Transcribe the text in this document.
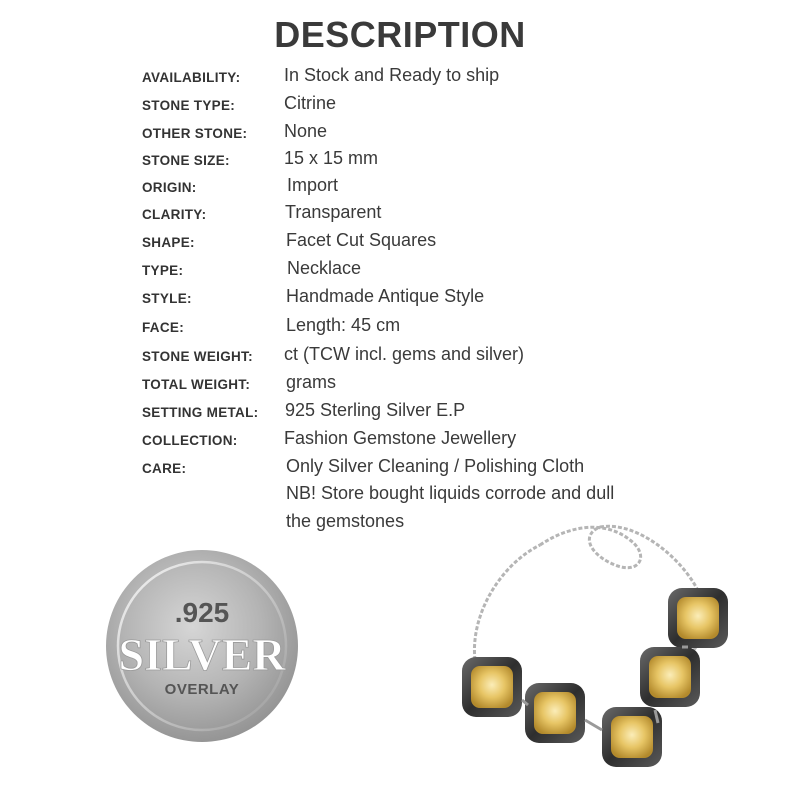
DESCRIPTION
AVAILABILITY: In Stock and Ready to ship
STONE TYPE:	Citrine
OTHER STONE: None
STONE SIZE:	15 x 15 mm
ORIGIN:	Import
CLARITY:	Transparent
SHAPE:	Facet Cut Squares
TYPE:	Necklace
STYLE:	Handmade Antique Style
FACE:	Length: 45 cm
STONE WEIGHT: ct (TCW incl. gems and silver)
TOTAL WEIGHT: grams
SETTING METAL: 925 Sterling Silver E.P
COLLECTION:	Fashion Gemstone Jewellery
CARE:	Only Silver Cleaning / Polishing Cloth
NB! Store bought liquids corrode and dull
the gemstones
.925
SILVER
OVERLAY
